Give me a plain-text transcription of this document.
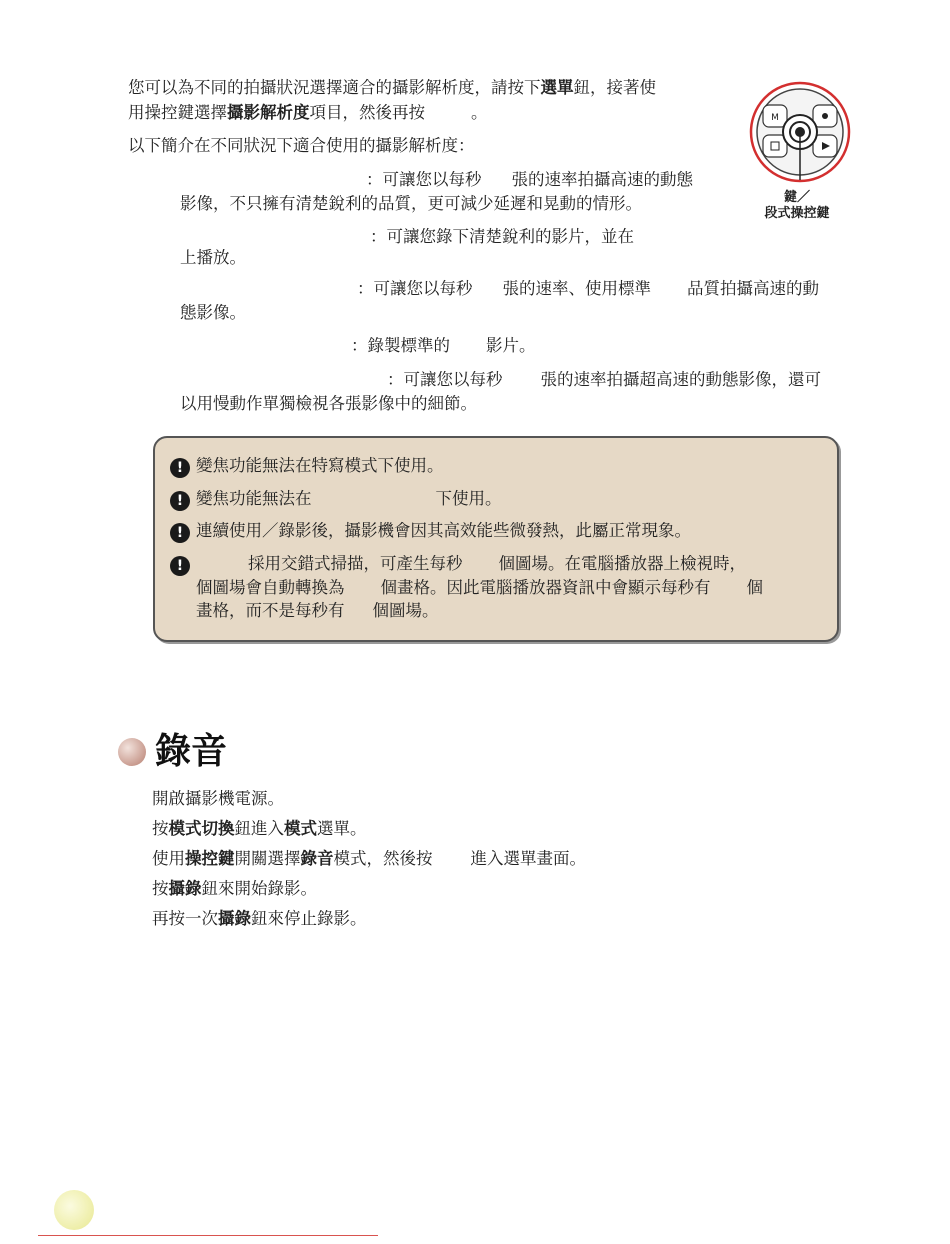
您可以為不同的拍攝狀況選擇適合的攝影解析度，請按下選單鈕，接著使
用操控鍵選擇攝影解析度項目，然後再按	。
以下簡介在不同狀況下適合使用的攝影解析度：
M
鍵／
段式操控鍵
：可讓您以每秒 張的速率拍攝高速的動態
影像，不只擁有清楚銳利的品質，更可減少延遲和晃動的情形。
：可讓您錄下清楚銳利的影片，並在
上播放。
：可讓您以每秒 張的速率、使用標準 品質拍攝高速的動
態影像。
：錄製標準的 影片。
：可讓您以每秒 張的速率拍攝超高速的動態影像，還可
以用慢動作單獨檢視各張影像中的細節。
! 變焦功能無法在特寫模式下使用。
! 變焦功能無法在	下使用。
! 連續使用／錄影後，攝影機會因其高效能些微發熱，此屬正常現象。
!	採用交錯式掃描，可產生每秒 個圖場。在電腦播放器上檢視時，
個圖場會自動轉換為 個畫格。因此電腦播放器資訊中會顯示每秒有 個
畫格，而不是每秒有 個圖場。
錄音
開啟攝影機電源。
按模式切換鈕進入模式選單。
使用操控鍵開關選擇錄音模式，然後按 進入選單畫面。
按攝錄鈕來開始錄影。
再按一次攝錄鈕來停止錄影。
